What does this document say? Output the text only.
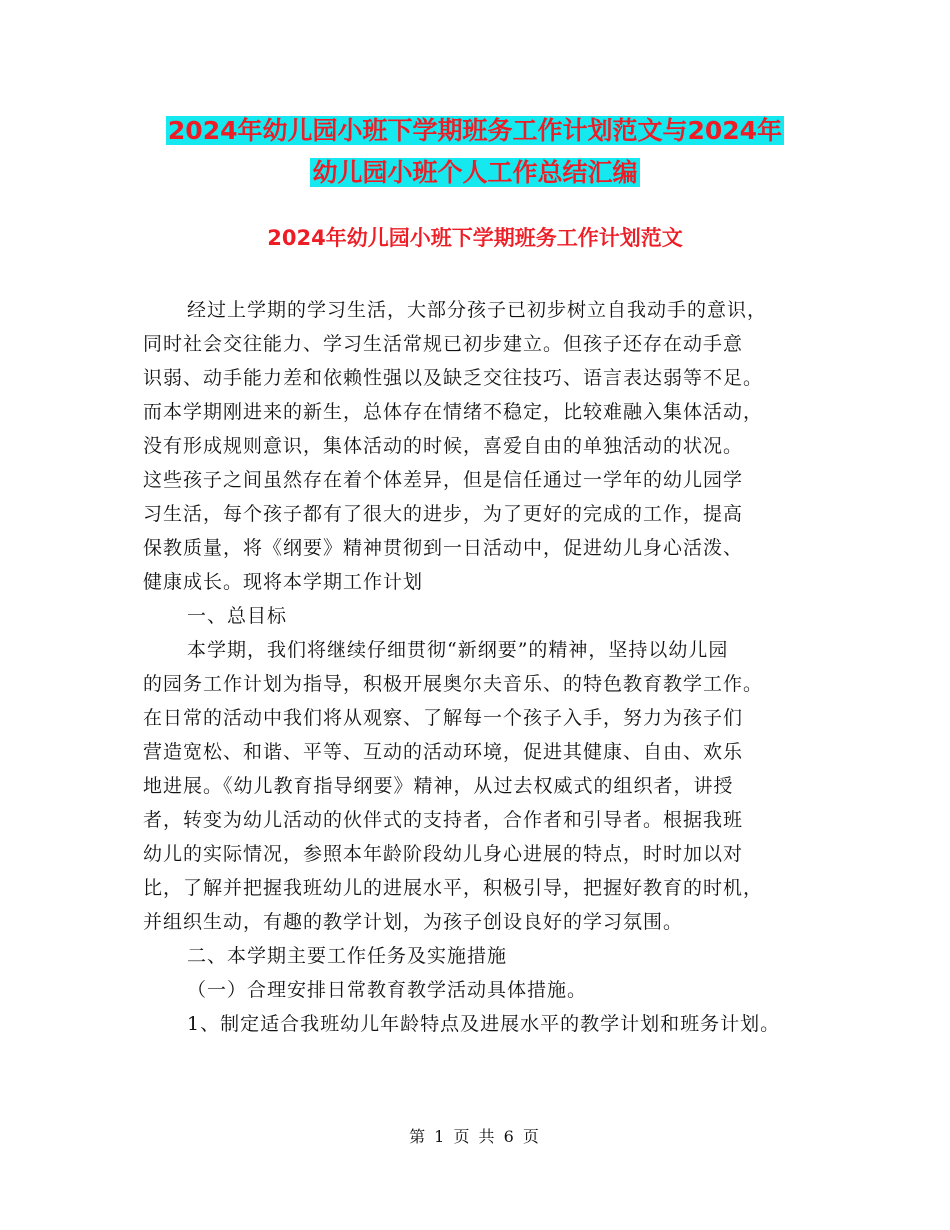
2024年幼儿园小班下学期班务工作计划范文与2024年
幼儿园小班个人工作总结汇编
2024年幼儿园小班下学期班务工作计划范文
经过上学期的学习生活，大部分孩子已初步树立自我动手的意识，
同时社会交往能力、学习生活常规已初步建立。但孩子还存在动手意
识弱、动手能力差和依赖性强以及缺乏交往技巧、语言表达弱等不足。
而本学期刚进来的新生，总体存在情绪不稳定，比较难融入集体活动，
没有形成规则意识，集体活动的时候，喜爱自由的单独活动的状况。
这些孩子之间虽然存在着个体差异，但是信任通过一学年的幼儿园学
习生活，每个孩子都有了很大的进步，为了更好的完成的工作，提高
保教质量，将《纲要》精神贯彻到一日活动中，促进幼儿身心活泼、
健康成长。现将本学期工作计划
一、总目标
本学期，我们将继续仔细贯彻“新纲要”的精神，坚持以幼儿园
的园务工作计划为指导，积极开展奥尔夫音乐、的特色教育教学工作。
在日常的活动中我们将从观察、了解每一个孩子入手，努力为孩子们
营造宽松、和谐、平等、互动的活动环境，促进其健康、自由、欢乐
地进展。《幼儿教育指导纲要》精神，从过去权威式的组织者，讲授
者，转变为幼儿活动的伙伴式的支持者，合作者和引导者。根据我班
幼儿的实际情况，参照本年龄阶段幼儿身心进展的特点，时时加以对
比，了解并把握我班幼儿的进展水平，积极引导，把握好教育的时机，
并组织生动，有趣的教学计划，为孩子创设良好的学习氛围。
二、本学期主要工作任务及实施措施
（一）合理安排日常教育教学活动具体措施。
1、制定适合我班幼儿年龄特点及进展水平的教学计划和班务计划。
第 1 页 共 6 页
